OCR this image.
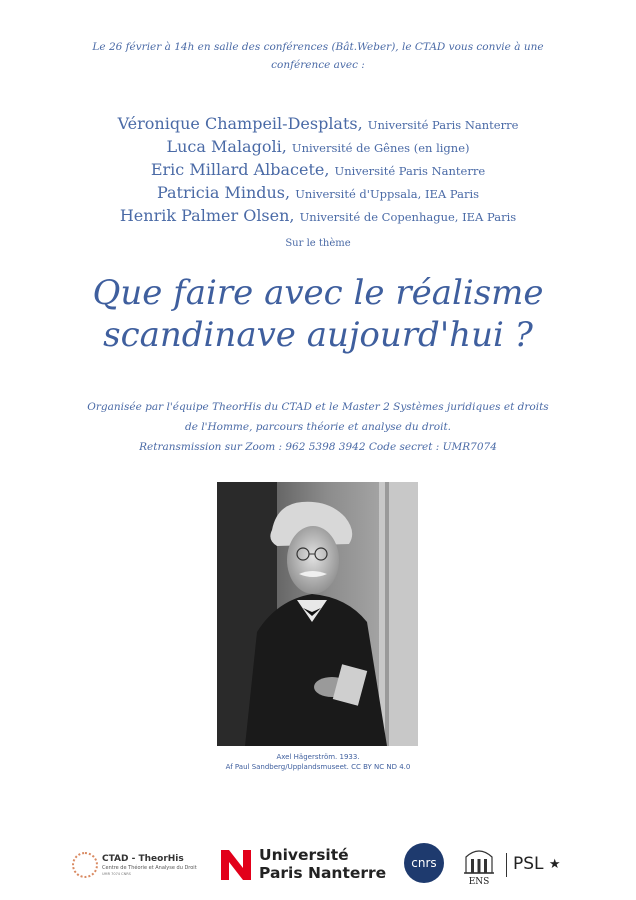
Le 26 février à 14h en salle des conférences (Bât.Weber), le CTAD vous convie à une
conférence avec :
Véronique Champeil-Desplats, Université Paris Nanterre
Luca Malagoli, Université de Gênes (en ligne)
Eric Millard Albacete, Université Paris Nanterre
Patricia Mindus, Université d'Uppsala, IEA Paris
Henrik Palmer Olsen, Université de Copenhague, IEA Paris
Sur le thème
Que faire avec le réalisme
scandinave aujourd'hui ?
Organisée par l'équipe TheorHis du CTAD et le Master 2 Systèmes juridiques et droits
de l'Homme, parcours théorie et analyse du droit.
Retransmission sur Zoom : 962 5398 3942 Code secret : UMR7074
Axel Hägerström. 1933.
Af Paul Sandberg/Upplandsmuseet. CC BY NC ND 4.0
CTAD - TheorHis
Centre de Théorie et Analyse du Droit
UMR 7074 CNRS
Université
Paris Nanterre
cnrs
ENS
PSL ★
